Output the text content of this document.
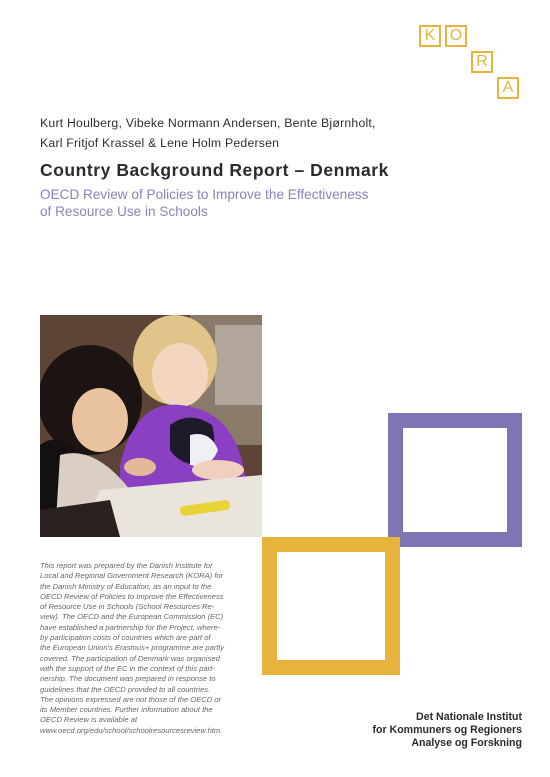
K O
R
A
Kurt Houlberg, Vibeke Normann Andersen, Bente Bjørnholt,
Karl Fritjof Krassel & Lene Holm Pedersen
Country Background Report – Denmark
OECD Review of Policies to Improve the Effectiveness
of Resource Use in Schools
This report was prepared by the Danish Institute for
Local and Regional Government Research (KORA) for
the Danish Ministry of Education, as an input to the
OECD Review of Policies to Improve the Effectiveness
of Resource Use in Schools (School Resources Re-
view). The OECD and the European Commission (EC)
have established a partnership for the Project, where-
by participation costs of countries which are part of
the European Union's Erasmus+ programme are partly
covered. The participation of Denmark was organised
with the support of the EC in the context of this part-
nership. The document was prepared in response to
guidelines that the OECD provided to all countries.
The opinions expressed are not those of the OECD or
its Member countries. Further information about the
OECD Review is available at
www.oecd.org/edu/school/schoolresourcesreview.htm.
Det Nationale Institut
for Kommuners og Regioners
Analyse og Forskning
